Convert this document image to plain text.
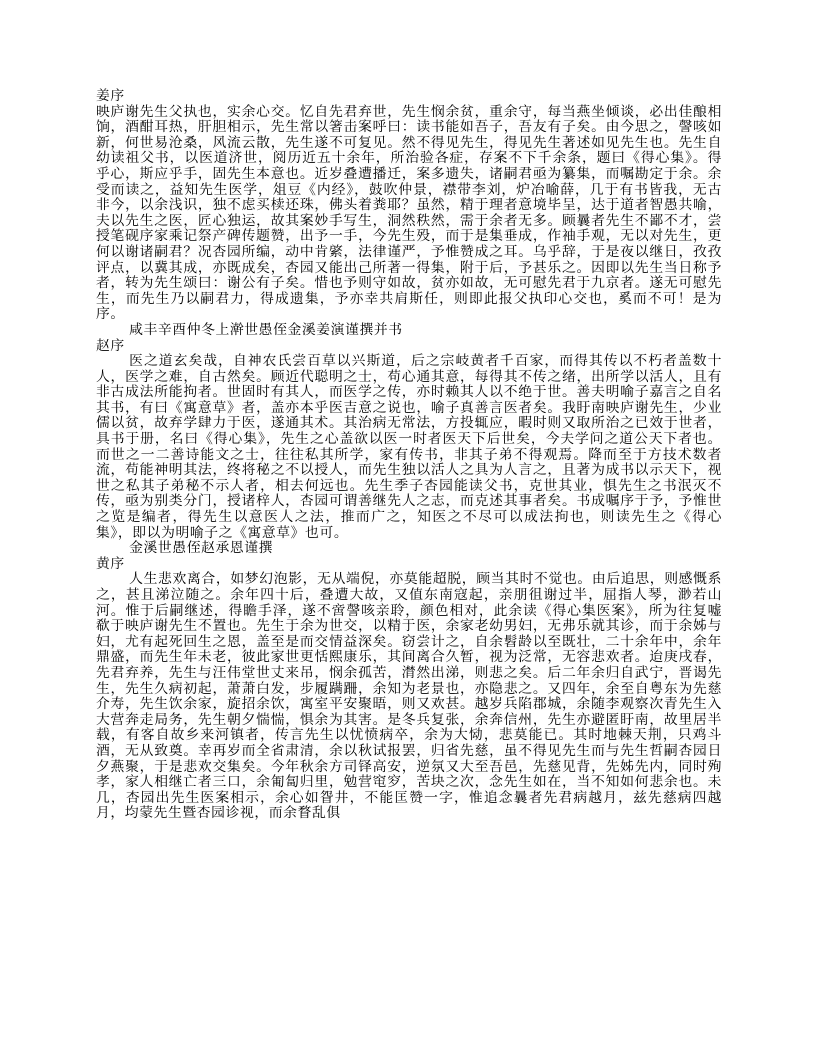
姜序

映庐谢先生父执也，实余心交。忆自先君弃世，先生悯余贫，重余守，每当燕坐倾谈，必出佳酿相饷，酒酣耳热，肝胆相示，先生常以箸击案呼曰：读书能如吾子，吾友有子矣。由今思之，謦咳如新，何世易沧桑，风流云散，先生遂不可复见。然不得见先生，得见先生著述如见先生也。先生自幼读祖父书，以医道济世，阅历近五十余年，所治验各症，存案不下千余条，题曰《得心集》。得乎心，斯应乎手，固先生本意也。近岁叠遭播迁，案多遗失，诸嗣君亟为纂集，而嘱勘定于余。余受而读之，益知先生医学，俎豆《内经》，鼓吹仲景，襟带李刘，炉冶喻薛，几于有书皆我，无古非今，以余浅识，独不虑买椟还珠，佛头着粪耶？虽然，精于理者意境毕呈，达于道者智愚共喻，夫以先生之医，匠心独运，故其案妙手写生，洞然秩然，需于余者无多。顾曩者先生不鄙不才，尝授笔砚序家乘记祭产碑传题赞，出予一手，今先生殁，而于是集垂成，作袖手观，无以对先生，更何以谢诸嗣君？况杏园所编，动中肯綮，法律谨严，予惟赞成之耳。乌乎辞，于是夜以继日，孜孜评点，以冀其成，亦既成矣，杏园又能出己所著一得集，附于后，予甚乐之。因即以先生当日称予者，转为先生颂曰：谢公有子矣。惜也予则守如故，贫亦如故，无可慰先君于九京者。遂无可慰先生，而先生乃以嗣君力，得成遗集，予亦幸共肩斯任，则即此报父执印心交也，奚而不可！是为序。

咸丰辛酉仲冬上澣世愚侄金溪姜演谨撰并书

赵序

医之道玄矣哉，自神农氏尝百草以兴斯道，后之宗岐黄者千百家，而得其传以不朽者盖数十人，医学之难，自古然矣。顾近代聪明之士，苟心通其意，每得其不传之绪，出所学以活人，且有非古成法所能拘者。世固时有其人，而医学之传，亦时赖其人以不绝于世。善夫明喻子嘉言之自名其书，有曰《寓意草》者，盖亦本乎医吉意之说也，喻子真善言医者矣。我盱南映庐谢先生，少业儒以贫，故弃学肆力于医，遂通其术。其治病无常法，方投辄应，暇时则又取所治之已效于世者，具书于册，名曰《得心集》，先生之心盖欲以医一时者医天下后世矣，今夫学问之道公天下者也。而世之一二善诗能文之士，往往私其所学，家有传书，非其子弟不得观焉。降而至于方技术数者流，苟能神明其法，终将秘之不以授人，而先生独以活人之具为人言之，且著为成书以示天下，视世之私其子弟秘不示人者，相去何远也。先生季子杏园能读父书，克世其业，惧先生之书泯灭不传，亟为别类分门，授诸梓人，杏园可谓善继先人之志，而克述其事者矣。书成嘱序于予，予惟世之览是编者，得先生以意医人之法，推而广之，知医之不尽可以成法拘也，则读先生之《得心集》，即以为明喻子之《寓意草》也可。

金溪世愚侄赵承恩谨撰

黄序

人生悲欢离合，如梦幻泡影，无从端倪，亦莫能超脱，顾当其时不觉也。由后追思，则感慨系之，甚且涕泣随之。余年四十后，叠遭大故，又值东南寇起，亲朋徂谢过半，屈指人琴，渺若山河。惟于后嗣继述，得瞻手泽，遂不啻謦咳亲聆，颜色相对，此余读《得心集医案》，所为往复嘘欷于映庐谢先生不置也。先生于余为世交，以精于医，余家老幼男妇，无弗乐就其诊，而于余姊与妇，尤有起死回生之恩，盖至是而交情益深矣。窃尝计之，自余髫龄以至既壮，二十余年中，余年鼎盛，而先生年未老，彼此家世更恬熙康乐，其间离合久暂，视为泛常，无容悲欢者。迨庚戌春，先君弃养，先生与汪伟堂世丈来吊，悯余孤苦，潸然出涕，则悲之矣。后二年余归自武宁，晋谒先生，先生久病初起，萧萧白发，步履蹒跚，余知为老景也，亦隐悲之。又四年，余至自粤东为先慈介寿，先生饮余家，旋招余饮，寓室平安聚晤，则又欢甚。越岁兵陷郡城，余随李观察次青先生入大营奔走局务，先生朝夕惴惴，惧余为其害。是冬兵复张，余奔信州，先生亦避匿盱南，故里居半载，有客自故乡来河镇者，传言先生以忧愤病卒，余为大恸，悲莫能已。其时地棘天荆，只鸡斗酒，无从致奠。幸再岁而全省肃清，余以秋试报罢，归省先慈，虽不得见先生而与先生哲嗣杏园日夕燕聚，于是悲欢交集矣。今年秋余方司铎高安，逆氛又大至吾邑，先慈见背，先姊先内，同时殉孝，家人相继亡者三口，余匍匐归里，勉营窀穸，苦块之次，念先生如在，当不知如何悲余也。未几，杏园出先生医案相示，余心如眢井，不能匡赞一字，惟追念曩者先君病越月，兹先慈病四越月，均蒙先生暨杏园诊视，而余瞀乱俱
